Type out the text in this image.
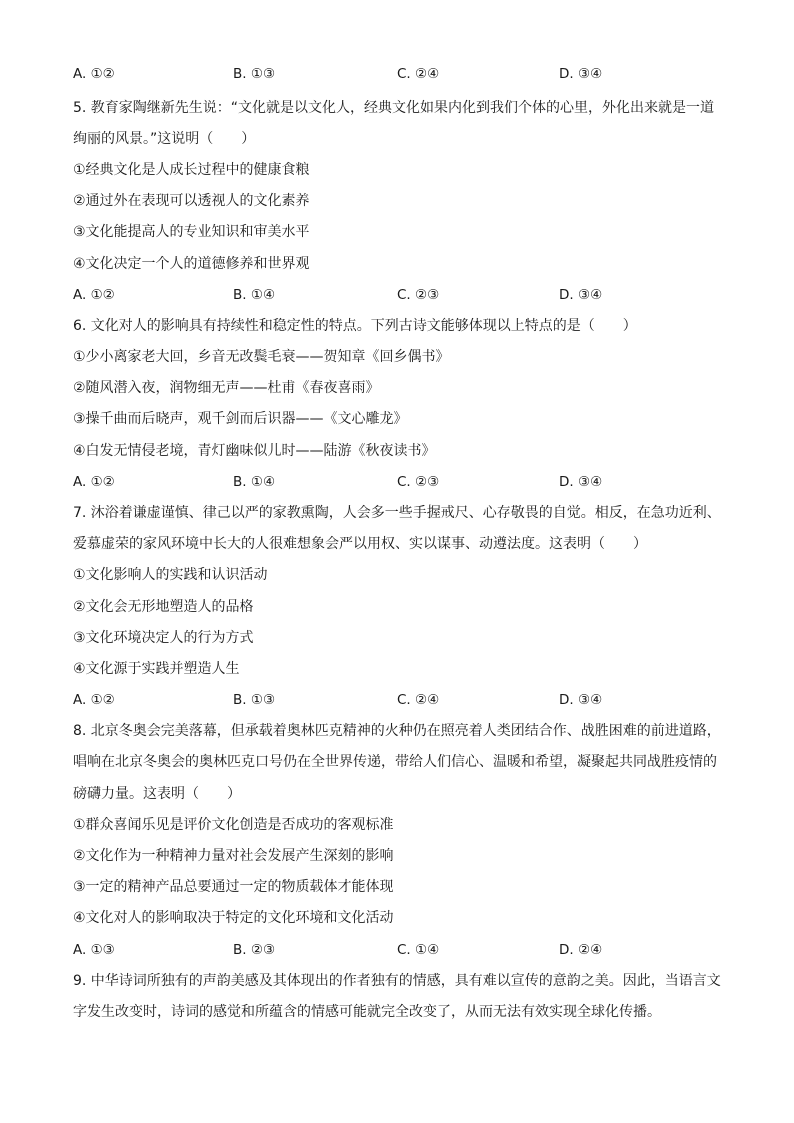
A. ①②	B. ①③	C. ②④	D. ③④
5. 教育家陶继新先生说：“文化就是以文化人，经典文化如果内化到我们个体的心里，外化出来就是一道
绚丽的风景。”这说明（　　）
①经典文化是人成长过程中的健康食粮
②通过外在表现可以透视人的文化素养
③文化能提高人的专业知识和审美水平
④文化决定一个人的道德修养和世界观
A. ①②	B. ①④	C. ②③	D. ③④
6. 文化对人的影响具有持续性和稳定性的特点。下列古诗文能够体现以上特点的是（　　）
①少小离家老大回，乡音无改鬓毛衰——贺知章《回乡偶书》
②随风潜入夜，润物细无声——杜甫《春夜喜雨》
③操千曲而后晓声，观千剑而后识器——《文心雕龙》
④白发无情侵老境，青灯幽味似儿时——陆游《秋夜读书》
A. ①②	B. ①④	C. ②③	D. ③④
7. 沐浴着谦虚谨慎、律己以严的家教熏陶，人会多一些手握戒尺、心存敬畏的自觉。相反，在急功近利、
爱慕虚荣的家风环境中长大的人很难想象会严以用权、实以谋事、动遵法度。这表明（　　）
①文化影响人的实践和认识活动
②文化会无形地塑造人的品格
③文化环境决定人的行为方式
④文化源于实践并塑造人生
A. ①②	B. ①③	C. ②④	D. ③④
8. 北京冬奥会完美落幕，但承载着奥林匹克精神的火种仍在照亮着人类团结合作、战胜困难的前进道路，
唱响在北京冬奥会的奥林匹克口号仍在全世界传递，带给人们信心、温暖和希望，凝聚起共同战胜疫情的
磅礴力量。这表明（　　）
①群众喜闻乐见是评价文化创造是否成功的客观标准
②文化作为一种精神力量对社会发展产生深刻的影响
③一定的精神产品总要通过一定的物质载体才能体现
④文化对人的影响取决于特定的文化环境和文化活动
A. ①③	B. ②③	C. ①④	D. ②④
9. 中华诗词所独有的声韵美感及其体现出的作者独有的情感，具有难以宣传的意韵之美。因此，当语言文
字发生改变时，诗词的感觉和所蕴含的情感可能就完全改变了，从而无法有效实现全球化传播。
